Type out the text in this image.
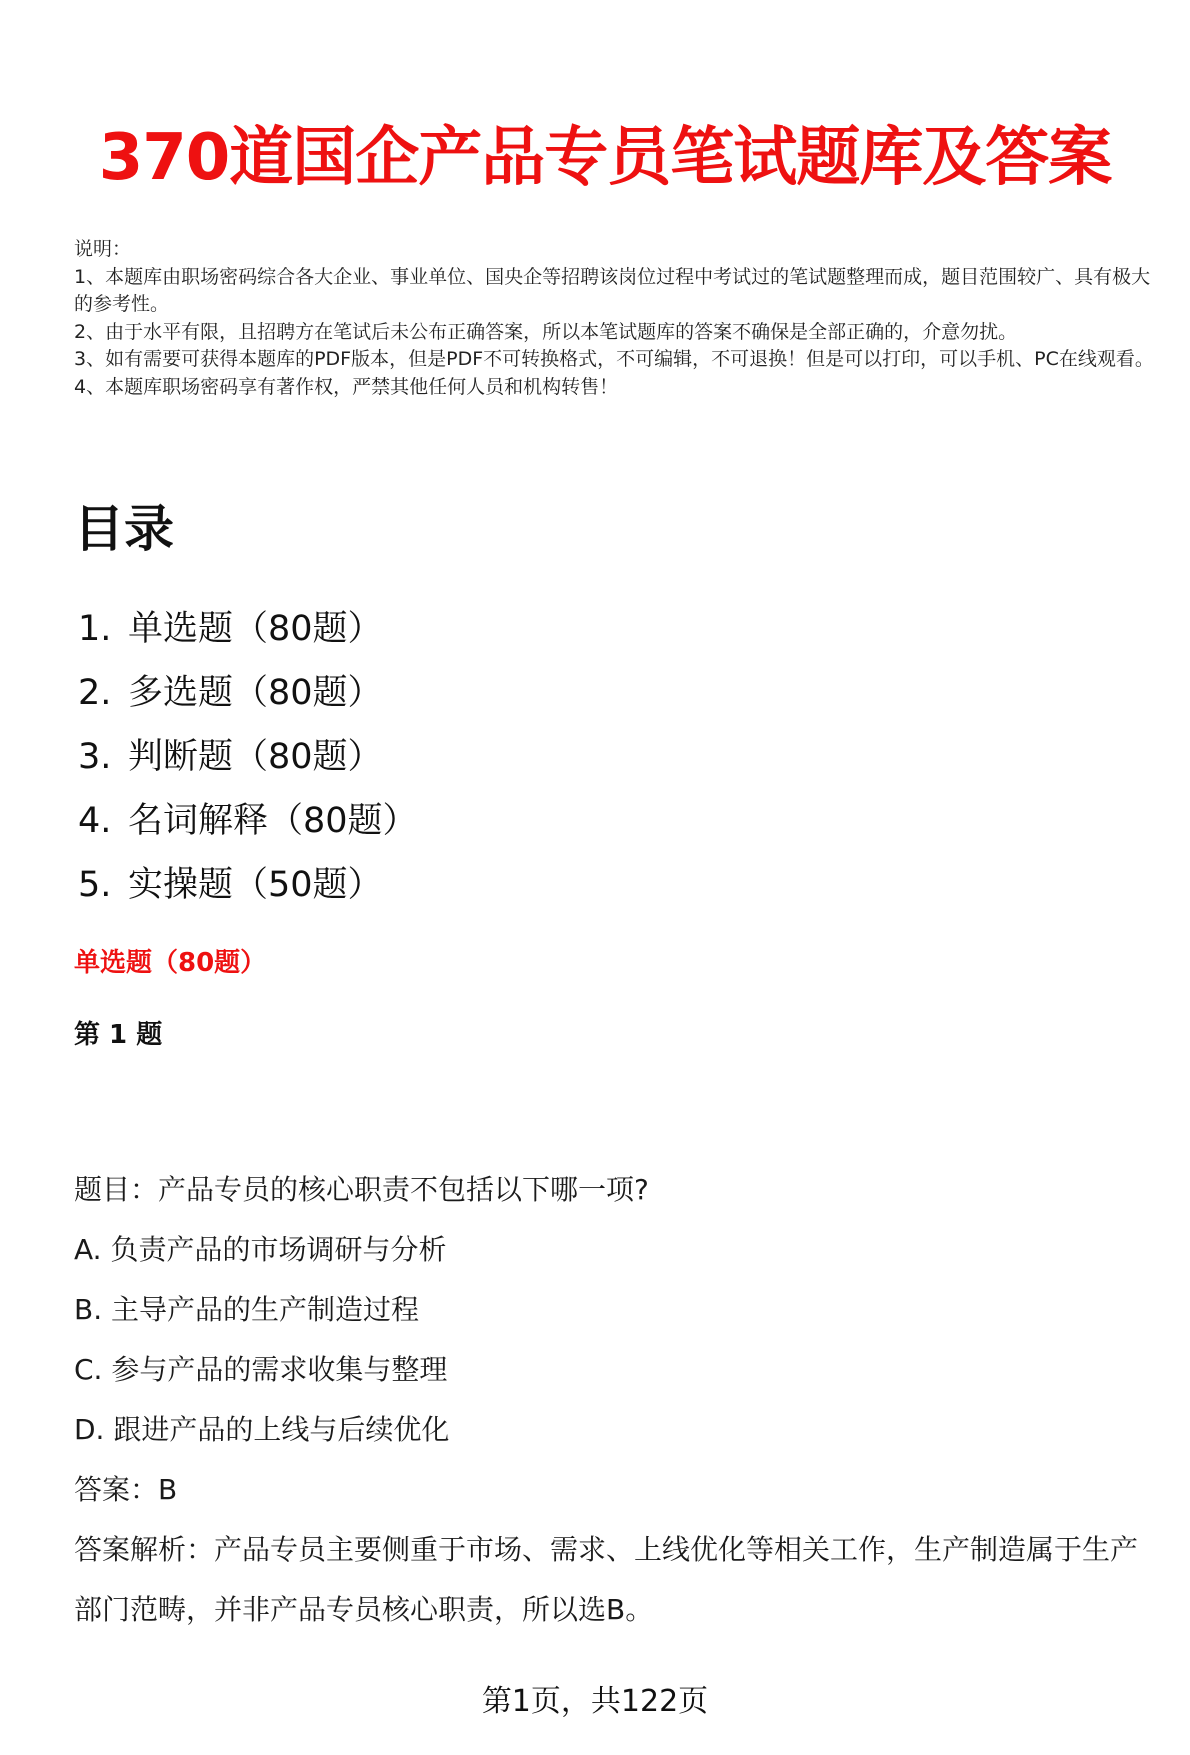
370道国企产品专员笔试题库及答案
说明：
1、本题库由职场密码综合各大企业、事业单位、国央企等招聘该岗位过程中考试过的笔试题整理而成，题目范围较广、具有极大的参考性。
2、由于水平有限，且招聘方在笔试后未公布正确答案，所以本笔试题库的答案不确保是全部正确的，介意勿扰。
3、如有需要可获得本题库的PDF版本，但是PDF不可转换格式，不可编辑，不可退换！但是可以打印，可以手机、PC在线观看。
4、本题库职场密码享有著作权，严禁其他任何人员和机构转售！
目录
1. 单选题（80题）
2. 多选题（80题）
3. 判断题（80题）
4. 名词解释（80题）
5. 实操题（50题）
单选题（80题）
第 1 题
题目：产品专员的核心职责不包括以下哪一项?
A. 负责产品的市场调研与分析
B. 主导产品的生产制造过程
C. 参与产品的需求收集与整理
D. 跟进产品的上线与后续优化
答案：B
答案解析：产品专员主要侧重于市场、需求、上线优化等相关工作，生产制造属于生产部门范畴，并非产品专员核心职责，所以选B。
第1页，共122页
